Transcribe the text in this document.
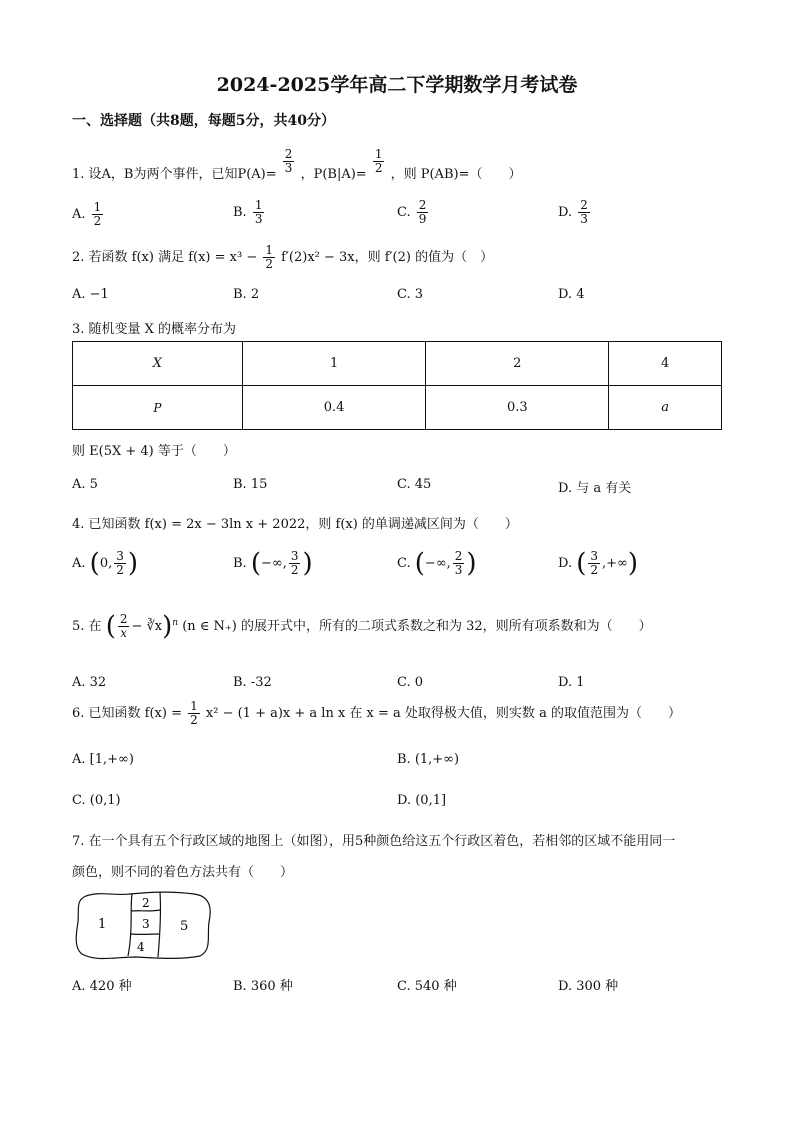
2024-2025学年高二下学期数学月考试卷
一、选择题（共8题，每题5分，共40分）
1. 设A，B为两个事件，已知$P(A)= \frac{2}{3}$ ，$P(B|A)= \frac{1}{2}$ ，则 P(AB)=（　　）
A. $\frac{1}{2}$	B. $\frac{1}{3}$	C. $\frac{2}{9}$	D. $\frac{2}{3}$
2. 若函数 f(x) 满足 $f(x) = x^3 - \frac{1}{2} f'(2)x^2 - 3x$，则 f′(2) 的值为（　）
A. −1	B. 2	C. 3	D. 4
3. 随机变量 X 的概率分布为
X	1	2	4
P	0.4	0.3	a
则 E(5X + 4) 等于（　　）
A. 5	B. 15	C. 45	D. 与 a 有关
4. 已知函数 f(x) = 2x − 3ln x + 2022，则 f(x) 的单调递减区间为（　　）
A. (0, $\frac{3}{2}$ )	B. (−∞, $\frac{3}{2}$ )	C. (−∞, $\frac{2}{3}$ )	D. ( $\frac{3}{2}$ ,+∞)
5. 在 ( $\frac{2}{x}$ − ∛x)$^n$ (n ∈ N₊) 的展开式中，所有的二项式系数之和为 32，则所有项系数和为（　　）
A. 32	B. -32	C. 0	D. 1
6. 已知函数 $f(x) = \frac{1}{2} x^2 - (1 + a)x + a$ ln x 在 x = a 处取得极大值，则实数 a 的取值范围为（　　）
A. [1,+∞)	B. (1,+∞)
C. (0,1)	D. (0,1]
7. 在一个具有五个行政区域的地图上（如图），用5种颜色给这五个行政区着色，若相邻的区域不能用同一
颜色，则不同的着色方法共有（　　）
1
2
3
4
5
A. 420 种	B. 360 种	C. 540 种	D. 300 种
